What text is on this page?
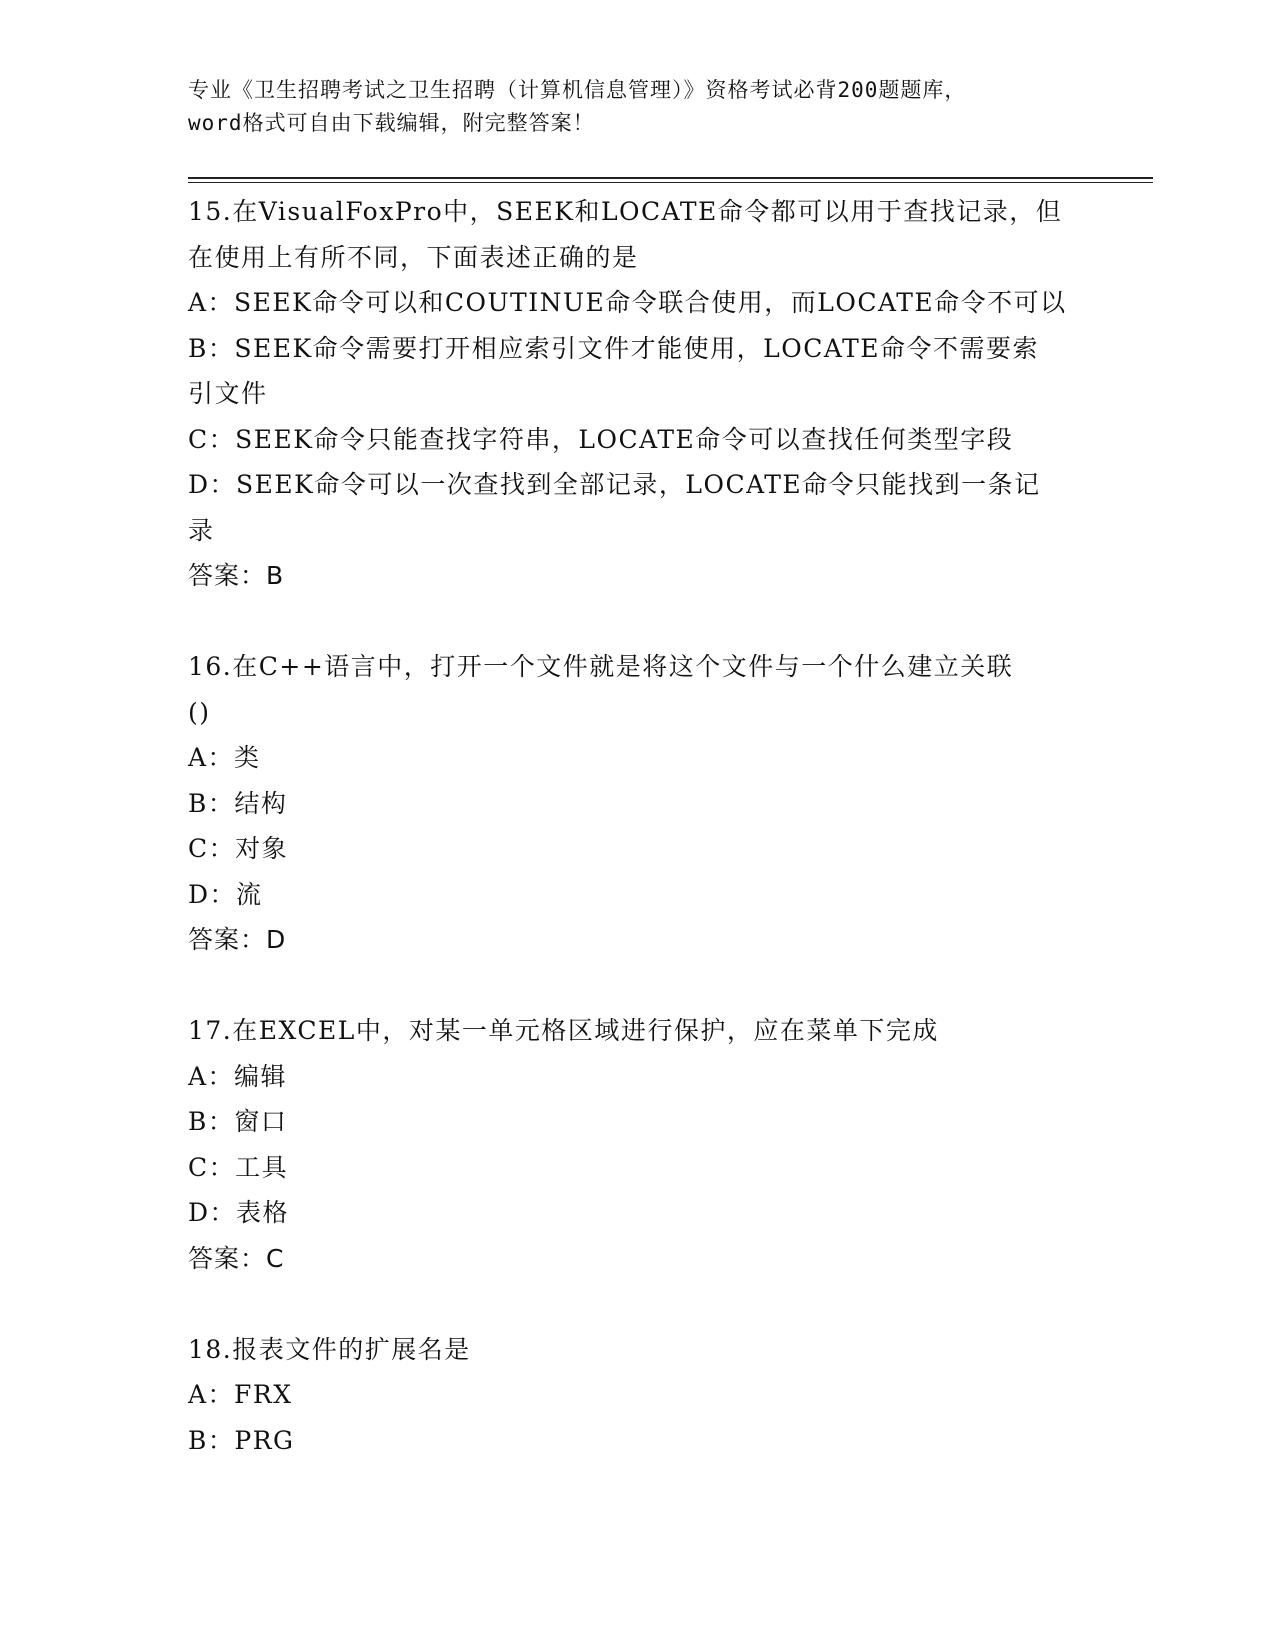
专业《卫生招聘考试之卫生招聘（计算机信息管理）》资格考试必背200题题库，
word格式可自由下载编辑，附完整答案！
15.在VisualFoxPro中，SEEK和LOCATE命令都可以用于查找记录，但
在使用上有所不同，下面表述正确的是
A：SEEK命令可以和COUTINUE命令联合使用，而LOCATE命令不可以
B：SEEK命令需要打开相应索引文件才能使用，LOCATE命令不需要索
引文件
C：SEEK命令只能查找字符串，LOCATE命令可以查找任何类型字段
D：SEEK命令可以一次查找到全部记录，LOCATE命令只能找到一条记
录
答案：B
16.在C++语言中，打开一个文件就是将这个文件与一个什么建立关联
()
A：类
B：结构
C：对象
D：流
答案：D
17.在EXCEL中，对某一单元格区域进行保护，应在菜单下完成
A：编辑
B：窗口
C：工具
D：表格
答案：C
18.报表文件的扩展名是
A：FRX
B：PRG
